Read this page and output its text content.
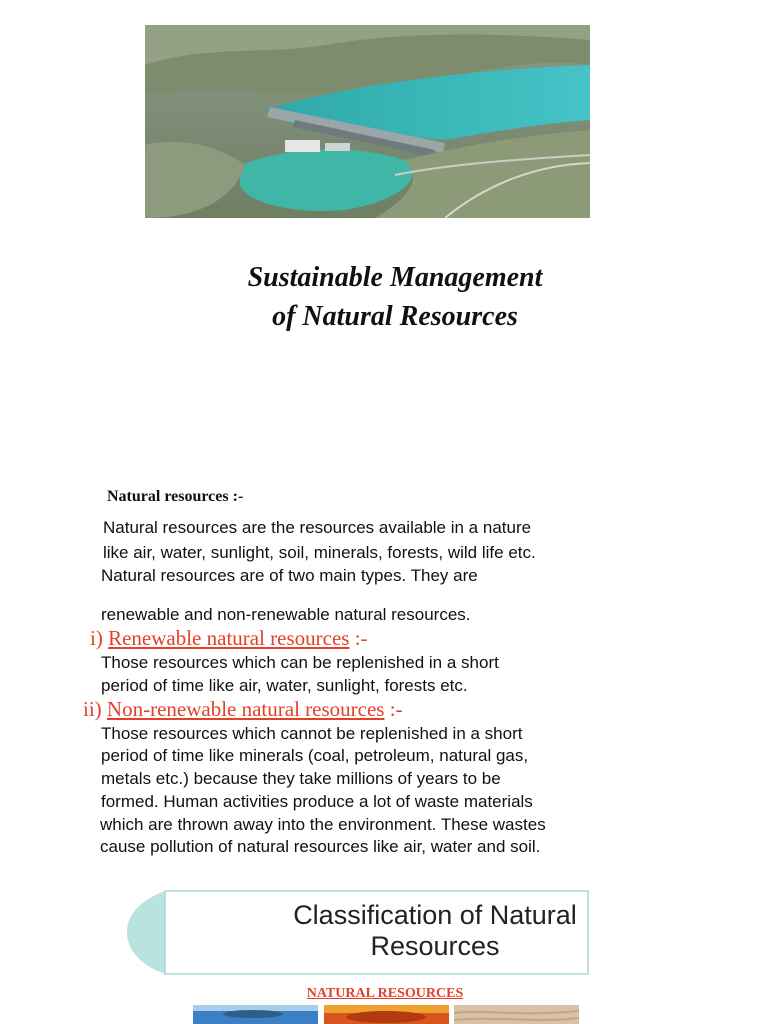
Sustainable Management
of Natural Resources
Natural resources :-
Natural resources are the resources available in a nature
like air, water, sunlight, soil, minerals, forests, wild life etc.
Natural resources are of two main types. They are
renewable and non-renewable natural resources.
i) Renewable natural resources :-
Those resources which can be replenished in a short
period of time like air, water, sunlight, forests etc.
ii) Non-renewable natural resources :-
Those resources which cannot be replenished in a short
period of time like minerals (coal, petroleum, natural gas,
metals etc.) because they take millions of years to be
formed. Human activities produce a lot of waste materials
which are thrown away into the environment. These wastes
cause pollution of natural resources like air, water and soil.
Classification of Natural
Resources
NATURAL RESOURCES
